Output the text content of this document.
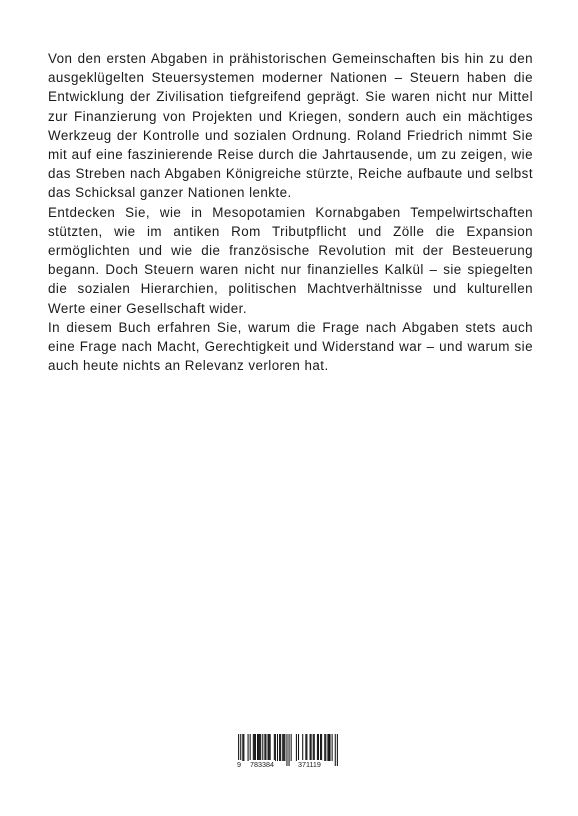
Von den ersten Abgaben in prähistorischen Gemeinschaften bis hin zu den ausgeklügelten Steuersystemen moderner Nationen – Steuern haben die Entwicklung der Zivilisation tiefgreifend geprägt. Sie waren nicht nur Mittel zur Finanzierung von Projekten und Kriegen, sondern auch ein mächtiges Werkzeug der Kontrolle und sozialen Ordnung. Roland Friedrich nimmt Sie mit auf eine faszinierende Reise durch die Jahrtausende, um zu zeigen, wie das Streben nach Abgaben Königreiche stürzte, Reiche aufbaute und selbst das Schicksal ganzer Nationen lenkte.

Entdecken Sie, wie in Mesopotamien Kornabgaben Tempelwirtschaften stützten, wie im antiken Rom Tributpflicht und Zölle die Expansion ermöglichten und wie die französische Revolution mit der Besteuerung begann. Doch Steuern waren nicht nur finanzielles Kalkül – sie spiegelten die sozialen Hierarchien, politischen Machtverhältnisse und kulturellen Werte einer Gesellschaft wider.

In diesem Buch erfahren Sie, warum die Frage nach Abgaben stets auch eine Frage nach Macht, Gerechtigkeit und Widerstand war – und warum sie auch heute nichts an Relevanz verloren hat.

9 783384	371119
